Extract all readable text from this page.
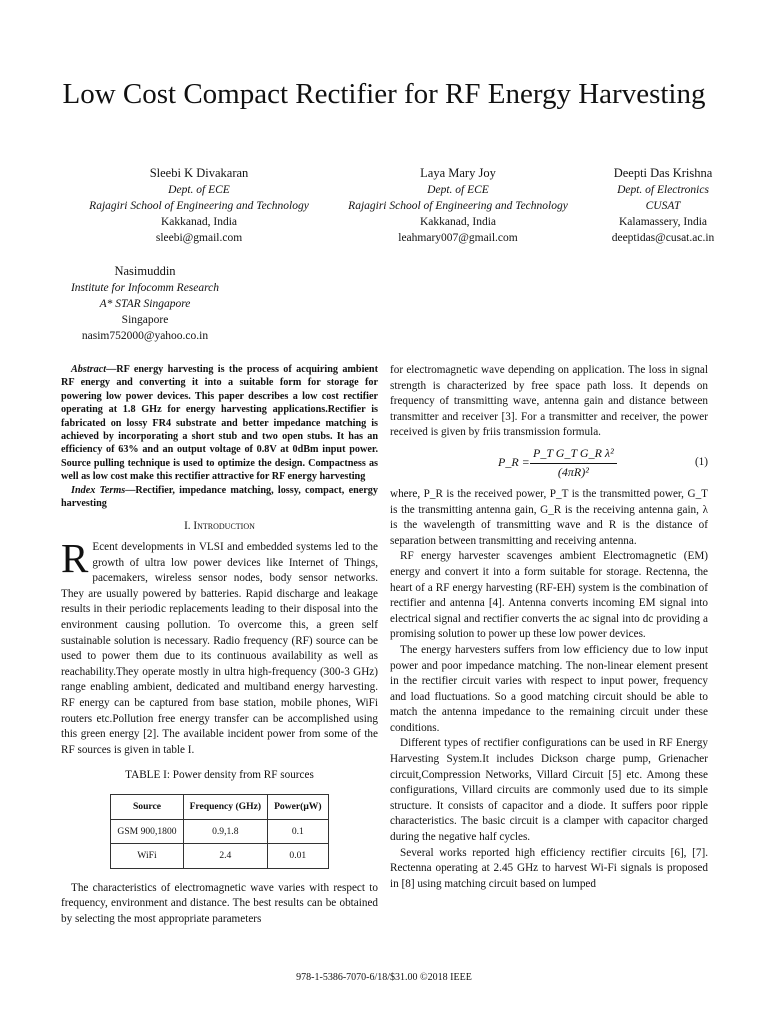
Low Cost Compact Rectifier for RF Energy Harvesting
Sleebi K Divakaran
Dept. of ECE
Rajagiri School of Engineering and Technology
Kakkanad, India
sleebi@gmail.com
Laya Mary Joy
Dept. of ECE
Rajagiri School of Engineering and Technology
Kakkanad, India
leahmary007@gmail.com
Deepti Das Krishna
Dept. of Electronics
CUSAT
Kalamassery, India
deeptidas@cusat.ac.in
Nasimuddin
Institute for Infocomm Research
A* STAR Singapore
Singapore
nasim752000@yahoo.co.in

Abstract—RF energy harvesting is the process of acquiring ambient RF energy and converting it into a suitable form for storage for powering low power devices. This paper describes a low cost rectifier operating at 1.8 GHz for energy harvesting applications.Rectifier is fabricated on lossy FR4 substrate and better impedance matching is achieved by incorporating a short stub and two open stubs. It has an efficiency of 63% and an output voltage of 0.8V at 0dBm input power. Source pulling technique is used to optimize the design. Compactness as well as low cost make this rectifier attractive for RF energy harvesting

Index Terms—Rectifier, impedance matching, lossy, compact, energy harvesting

I. Introduction

R Ecent developments in VLSI and embedded systems led to the growth of ultra low power devices like Internet of Things, pacemakers, wireless sensor nodes, body sensor networks. They are usually powered by batteries. Rapid discharge and leakage results in their periodic replacements leading to their disposal into the environment causing pollution. To overcome this, a green self sustainable solution is necessary. Radio frequency (RF) source can be used to power them due to its continuous availability as well as reachability.They operate mostly in ultra high-frequency (300-3 GHz) range enabling ambient, dedicated and multiband energy harvesting. RF energy can be captured from base station, mobile phones, WiFi routers etc.Pollution free energy transfer can be accomplished using this green energy [2]. The available incident power from some of the RF sources is given in table I.

TABLE I: Power density from RF sources
Source	Frequency (GHz)	Power(μW)
GSM 900,1800	0.9,1.8	0.1
WiFi	2.4	0.01

The characteristics of electromagnetic wave varies with respect to frequency, environment and distance. The best results can be obtained by selecting the most appropriate parameters

for electromagnetic wave depending on application. The loss in signal strength is characterized by free space path loss. It depends on frequency of transmitting wave, antenna gain and distance between transmitter and receiver [3]. For a transmitter and receiver, the power received is given by friis transmission formula.

P_R = $\frac{\text{P\_T G\_T G\_R λ²}}{\text{(4πR)²}}$	(1)

where, P_R is the received power, P_T is the transmitted power, G_T is the transmitting antenna gain, G_R is the receiving antenna gain, λ is the wavelength of transmitting wave and R is the distance of separation between transmitting and receiving antenna.

RF energy harvester scavenges ambient Electromagnetic (EM) energy and convert it into a form suitable for storage. Rectenna, the heart of a RF energy harvesting (RF-EH) system is the combination of rectifier and antenna [4]. Antenna converts incoming EM signal into electrical signal and rectifier converts the ac signal into dc providing a promising solution to power up these low power devices.

The energy harvesters suffers from low efficiency due to low input power and poor impedance matching. The non-linear element present in the rectifier circuit varies with respect to input power, frequency and load fluctuations. So a good matching circuit should be able to match the antenna impedance to the remaining circuit under these conditions.

Different types of rectifier configurations can be used in RF Energy Harvesting System.It includes Dickson charge pump, Grienacher circuit,Compression Networks, Villard Circuit [5] etc. Among these configurations, Villard circuits are commonly used due to its simple structure. It consists of capacitor and a diode. It suffers poor ripple characteristics. The basic circuit is a clamper with capacitor charged during the negative half cycles.

Several works reported high efficiency rectifier circuits [6], [7]. Rectenna operating at 2.45 GHz to harvest Wi-Fi signals is proposed in [8] using matching circuit based on lumped

978-1-5386-7070-6/18/$31.00 ©2018 IEEE
